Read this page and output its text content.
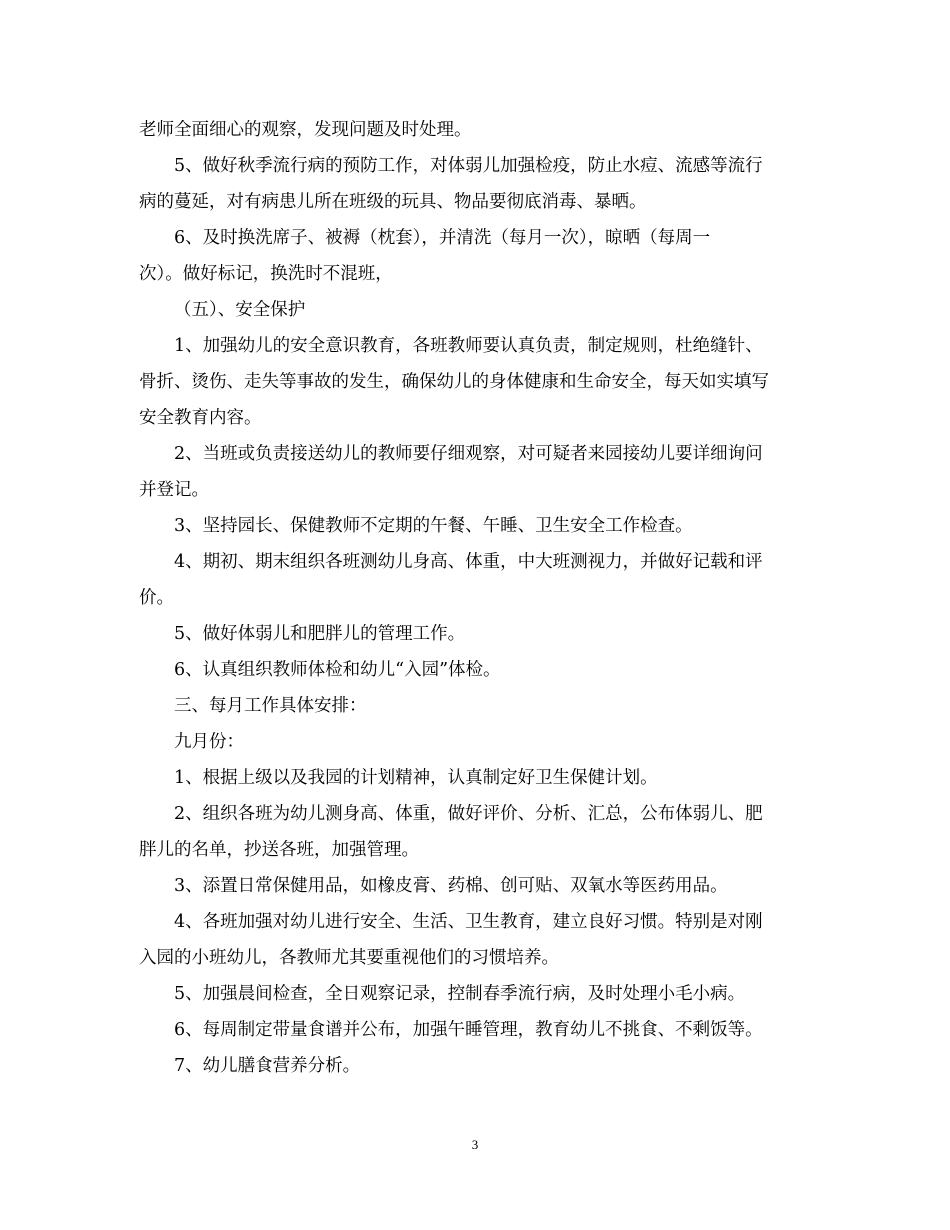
老师全面细心的观察，发现问题及时处理。
5、做好秋季流行病的预防工作，对体弱儿加强检疫，防止水痘、流感等流行
病的蔓延，对有病患儿所在班级的玩具、物品要彻底消毒、暴晒。
6、及时换洗席子、被褥（枕套），并清洗（每月一次），晾晒（每周一
次）。做好标记，换洗时不混班，
（五）、安全保护
1、加强幼儿的安全意识教育，各班教师要认真负责，制定规则，杜绝缝针、
骨折、烫伤、走失等事故的发生，确保幼儿的身体健康和生命安全，每天如实填写
安全教育内容。
2、当班或负责接送幼儿的教师要仔细观察，对可疑者来园接幼儿要详细询问
并登记。
3、坚持园长、保健教师不定期的午餐、午睡、卫生安全工作检查。
4、期初、期末组织各班测幼儿身高、体重，中大班测视力，并做好记载和评
价。
5、做好体弱儿和肥胖儿的管理工作。
6、认真组织教师体检和幼儿“入园”体检。
三、每月工作具体安排：
九月份：
1、根据上级以及我园的计划精神，认真制定好卫生保健计划。
2、组织各班为幼儿测身高、体重，做好评价、分析、汇总，公布体弱儿、肥
胖儿的名单，抄送各班，加强管理。
3、添置日常保健用品，如橡皮膏、药棉、创可贴、双氧水等医药用品。
4、各班加强对幼儿进行安全、生活、卫生教育，建立良好习惯。特别是对刚
入园的小班幼儿，各教师尤其要重视他们的习惯培养。
5、加强晨间检查，全日观察记录，控制春季流行病，及时处理小毛小病。
6、每周制定带量食谱并公布，加强午睡管理，教育幼儿不挑食、不剩饭等。
7、幼儿膳食营养分析。
3
